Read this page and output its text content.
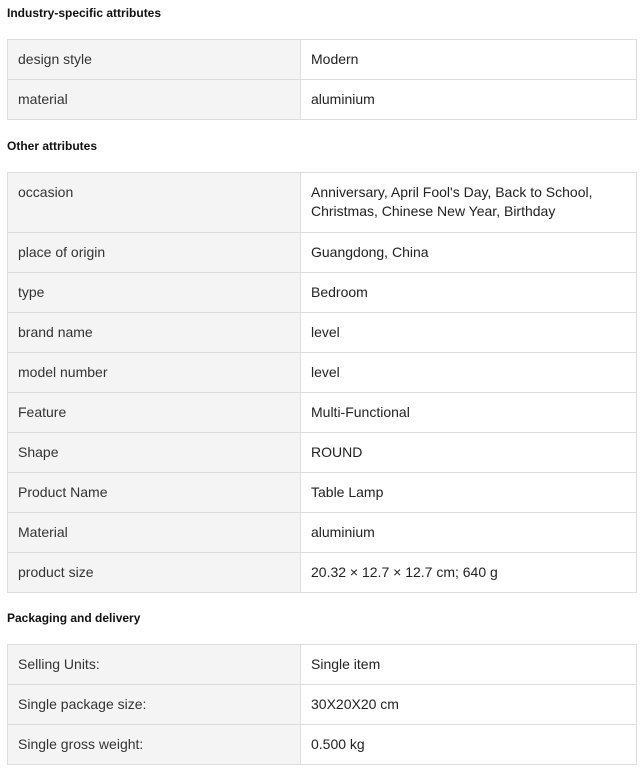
Industry-specific attributes
design style	Modern
material	aluminium
Other attributes
occasion	Anniversary, April Fool's Day, Back to School, Christmas, Chinese New Year, Birthday
place of origin	Guangdong, China
type	Bedroom
brand name	level
model number	level
Feature	Multi-Functional
Shape	ROUND
Product Name	Table Lamp
Material	aluminium
product size	20.32 × 12.7 × 12.7 cm; 640 g
Packaging and delivery
Selling Units:	Single item
Single package size:	30X20X20 cm
Single gross weight:	0.500 kg
